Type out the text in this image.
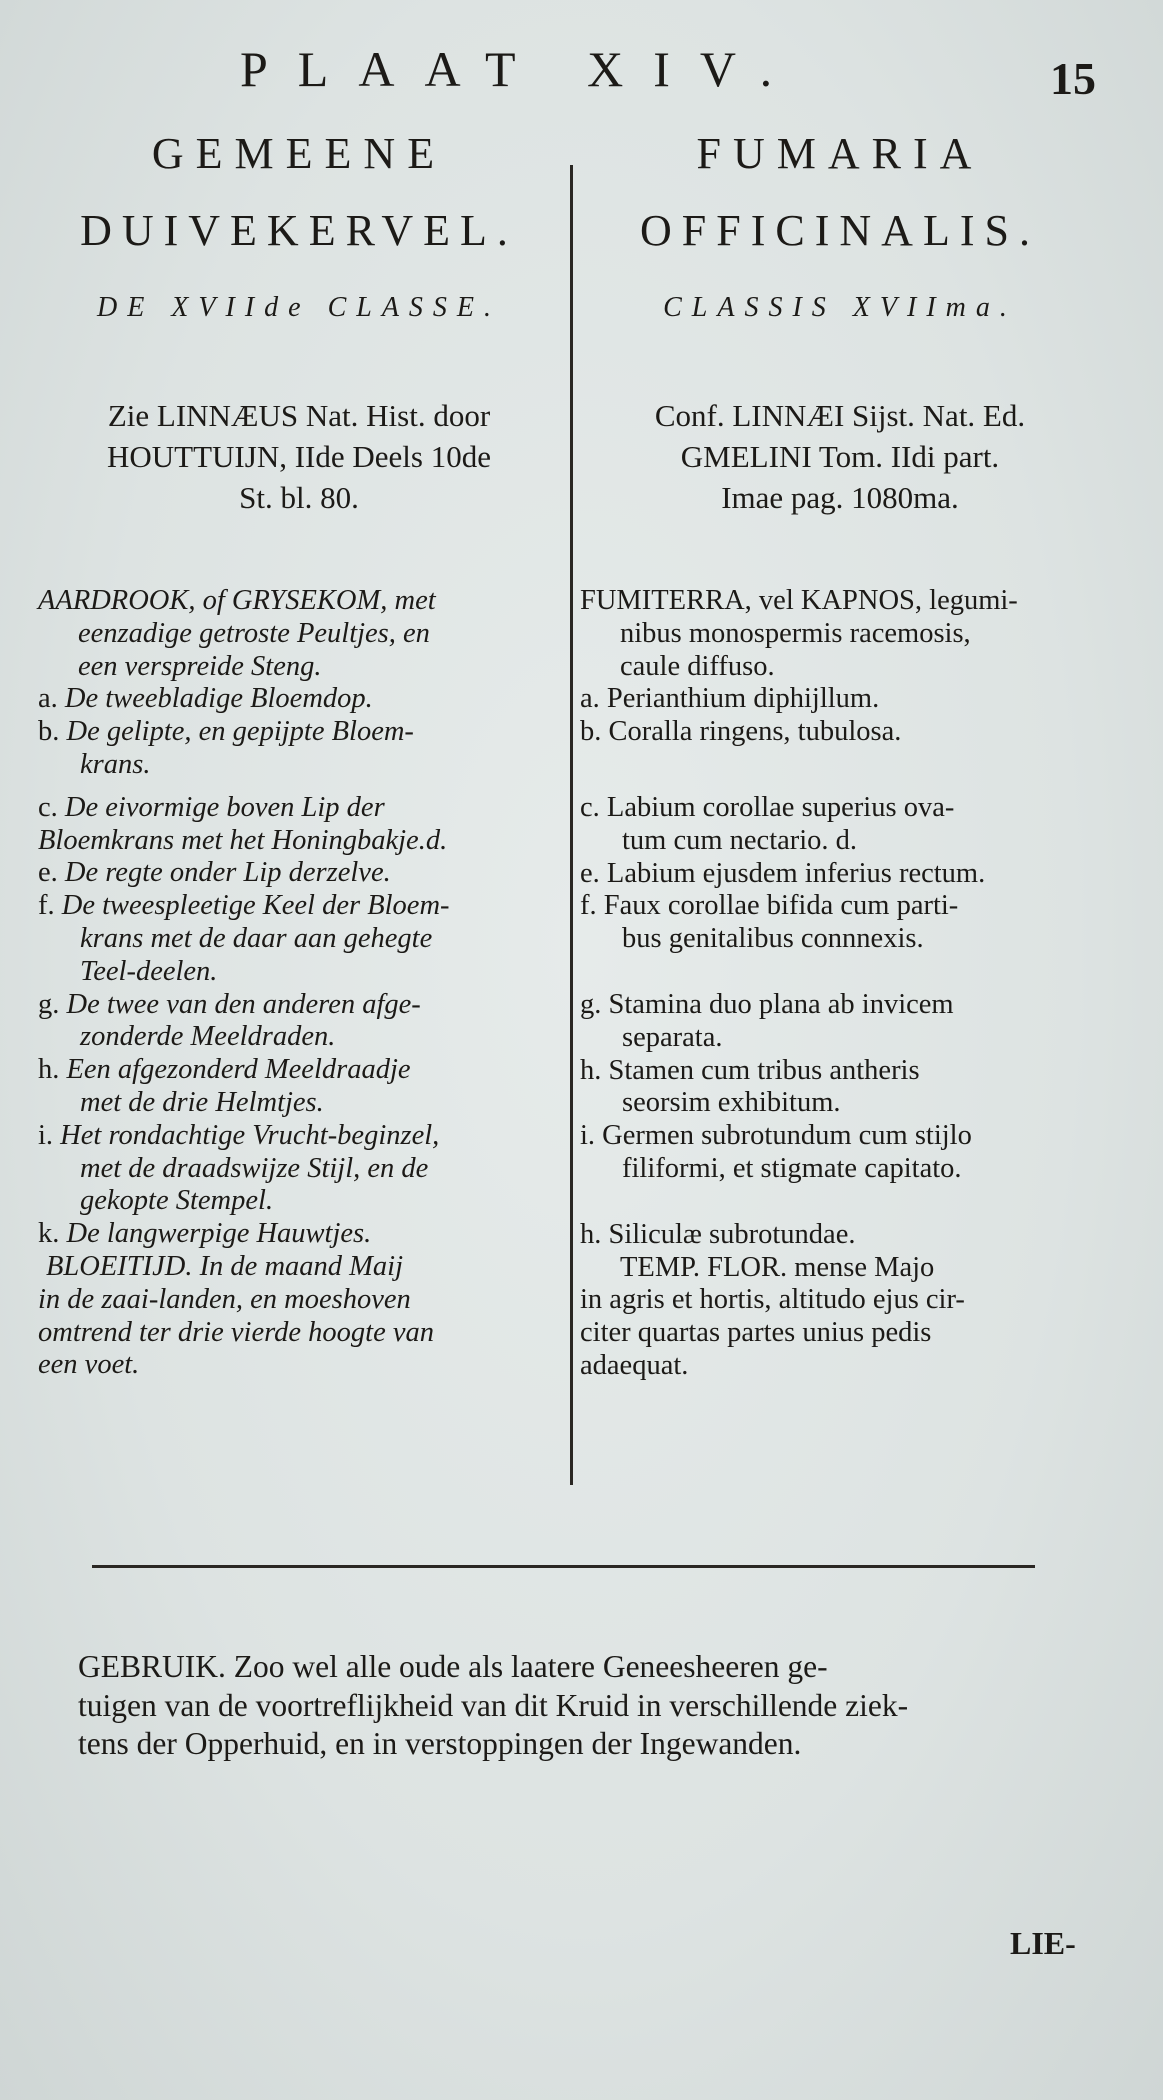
PLAAT XIV.	15
GEMEENE
DUIVEKERVEL.
DE XVIIde CLASSE.
Zie LINNÆUS Nat. Hist. door
HOUTTUIJN, IIde Deels 10de
St. bl. 80.
AARDROOK, of GRYSEKOM, met
eenzadige getroste Peultjes, en
een verspreide Steng.
a. De tweebladige Bloemdop.
b. De gelipte, en gepijpte Bloem-
krans.
c. De eivormige boven Lip der
Bloemkrans met het Honingbakje.d.
e. De regte onder Lip derzelve.
f. De tweespleetige Keel der Bloem-
krans met de daar aan gehegte
Teel-deelen.
g. De twee van den anderen afge-
zonderde Meeldraden.
h. Een afgezonderd Meeldraadje
met de drie Helmtjes.
i. Het rondachtige Vrucht-beginzel,
met de draadswijze Stijl, en de
gekopte Stempel.
k. De langwerpige Hauwtjes.
BLOEITIJD. In de maand Maij
in de zaai-landen, en moeshoven
omtrend ter drie vierde hoogte van
een voet.
FUMARIA
OFFICINALIS.
CLASSIS XVIIma.
Conf. LINNÆI Sijst. Nat. Ed.
GMELINI Tom. IIdi part.
Imae pag. 1080ma.
FUMITERRA, vel KAPNOS, legumi-
nibus monospermis racemosis,
caule diffuso.
a. Perianthium diphijllum.
b. Coralla ringens, tubulosa.
c. Labium corollae superius ova-
tum cum nectario. d.
e. Labium ejusdem inferius rectum.
f. Faux corollae bifida cum parti-
bus genitalibus connnexis.
g. Stamina duo plana ab invicem
separata.
h. Stamen cum tribus antheris
seorsim exhibitum.
i. Germen subrotundum cum stijlo
filiformi, et stigmate capitato.
h. Siliculæ subrotundae.
TEMP. FLOR. mense Majo
in agris et hortis, altitudo ejus cir-
citer quartas partes unius pedis
adaequat.
GEBRUIK. Zoo wel alle oude als laatere Geneesheeren ge-
tuigen van de voortreflijkheid van dit Kruid in verschillende ziek-
tens der Opperhuid, en in verstoppingen der Ingewanden.
LIE-
